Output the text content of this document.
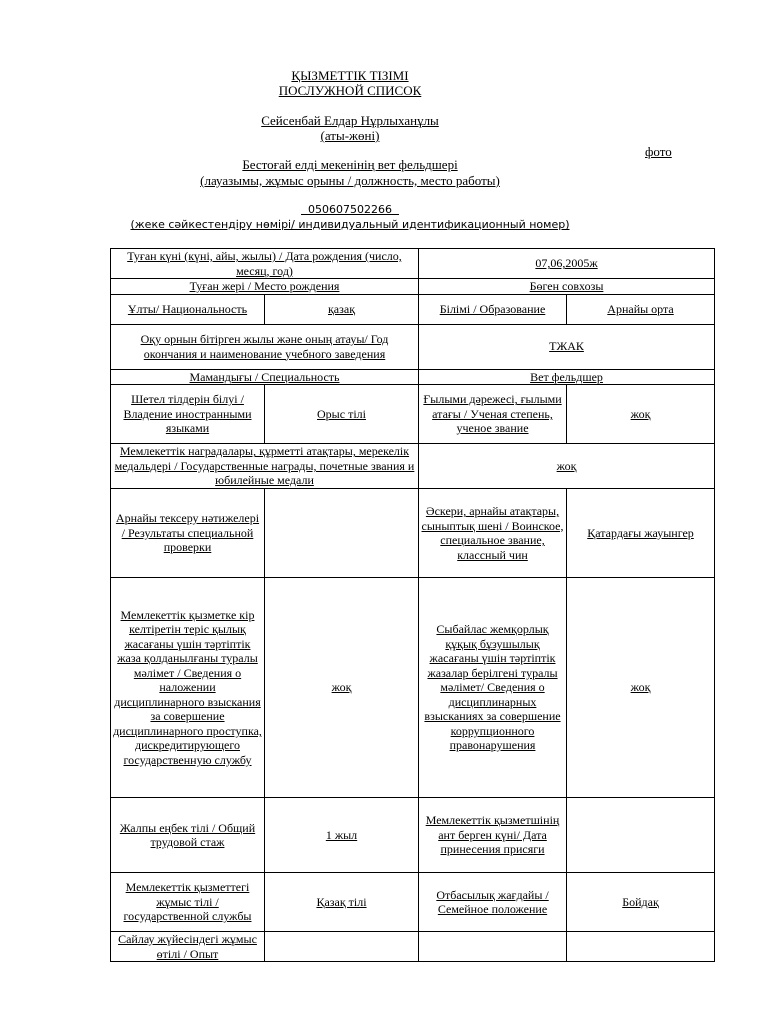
ҚЫЗМЕТТІК ТІЗІМІ
ПОСЛУЖНОЙ СПИСОК
Сейсенбай Елдар Нұрлыханұлы
(аты-жөні)
фото
Бестоғай елді мекенінің вет фельдшері
(лауазымы, жұмыс орыны / должность, место работы)
050607502266
(жеке сәйкестендіру нөмірі/ индивидуальный идентификационный номер)
Туған күні (күні, айы, жылы) / Дата рождения (число, месяц, год)		07,06,2005ж	
Туған жері / Место рождения		Бөген совхозы	
Ұлты/ Национальность	қазақ	Білімі / Образование	Арнайы орта
Оқу орнын бітірген жылы және оның атауы/ Год окончания и наименование учебного заведения		ТЖАК	
Мамандығы / Специальность		Вет фельдшер	
Шетел тілдерін білуі / Владение иностранными языками	Орыс тілі	Ғылыми дәрежесі, ғылыми атағы / Ученая степень, ученое звание	жоқ
Мемлекеттік наградалары, құрметті атақтары, мерекелік медальдері / Государственные награды, почетные звания и юбилейные медали		жоқ	
Арнайы тексеру нәтижелері / Результаты специальной проверки		Әскери, арнайы атақтары, сыныптық шені / Воинское, специальное звание, классный чин	Қатардағы жауынгер
Мемлекеттік қызметке кір келтіретін теріс қылық жасағаны үшін тәртіптік жаза қолданылғаны туралы мәлімет / Сведения о наложении дисциплинарного взыскания за совершение дисциплинарного проступка, дискредитирующего государственную службу	жоқ	Сыбайлас жемқорлық құқық бұзушылық жасағаны үшін тәртіптік жазалар берілгені туралы мәлімет/ Сведения о дисциплинарных взысканиях за совершение коррупционного правонарушения	жоқ
Жалпы еңбек тілі / Общий трудовой стаж	1 жыл	Мемлекеттік қызметшінің ант берген күні/ Дата принесения присяги	
Мемлекеттік қызметтегі жұмыс тілі / государственной службы	Қазақ тілі	Отбасылық жағдайы / Семейное положение	Бойдақ
Сайлау жүйесіндегі жұмыс өтілі / Опыт			
